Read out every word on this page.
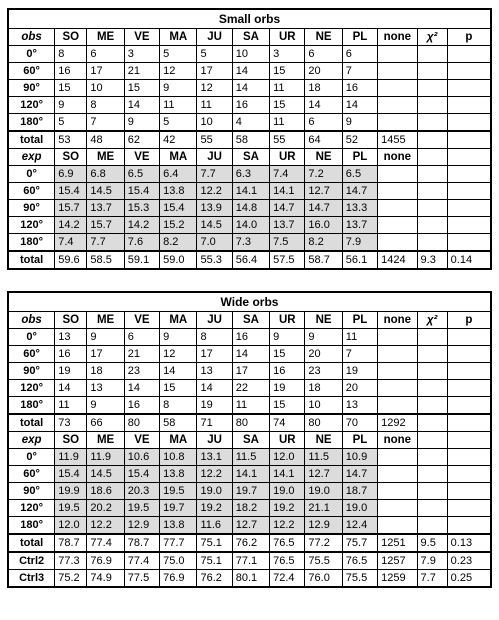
Small orbs												
obs	SO	ME	VE	MA	JU	SA	UR	NE	PL	none	χ²	p
0°	8	6	3	5	5	10	3	6	6			
60°	16	17	21	12	17	14	15	20	7			
90°	15	10	15	9	12	14	11	18	16			
120°	9	8	14	11	11	16	15	14	14			
180°	5	7	9	5	10	4	11	6	9			
total	53	48	62	42	55	58	55	64	52	1455		
exp	SO	ME	VE	MA	JU	SA	UR	NE	PL	none		
0°	6.9	6.8	6.5	6.4	7.7	6.3	7.4	7.2	6.5			
60°	15.4	14.5	15.4	13.8	12.2	14.1	14.1	12.7	14.7			
90°	15.7	13.7	15.3	15.4	13.9	14.8	14.7	14.7	13.3			
120°	14.2	15.7	14.2	15.2	14.5	14.0	13.7	16.0	13.7			
180°	7.4	7.7	7.6	8.2	7.0	7.3	7.5	8.2	7.9			
total	59.6	58.5	59.1	59.0	55.3	56.4	57.5	58.7	56.1	1424	9.3	0.14
Wide orbs												
obs	SO	ME	VE	MA	JU	SA	UR	NE	PL	none	χ²	p
0°	13	9	6	9	8	16	9	9	11			
60°	16	17	21	12	17	14	15	20	7			
90°	19	18	23	14	13	17	16	23	19			
120°	14	13	14	15	14	22	19	18	20			
180°	11	9	16	8	19	11	15	10	13			
total	73	66	80	58	71	80	74	80	70	1292		
exp	SO	ME	VE	MA	JU	SA	UR	NE	PL	none		
0°	11.9	11.9	10.6	10.8	13.1	11.5	12.0	11.5	10.9			
60°	15.4	14.5	15.4	13.8	12.2	14.1	14.1	12.7	14.7			
90°	19.9	18.6	20.3	19.5	19.0	19.7	19.0	19.0	18.7			
120°	19.5	20.2	19.5	19.7	19.2	18.2	19.2	21.1	19.0			
180°	12.0	12.2	12.9	13.8	11.6	12.7	12.2	12.9	12.4			
total	78.7	77.4	78.7	77.7	75.1	76.2	76.5	77.2	75.7	1251	9.5	0.13
Ctrl2	77.3	76.9	77.4	75.0	75.1	77.1	76.5	75.5	76.5	1257	7.9	0.23
Ctrl3	75.2	74.9	77.5	76.9	76.2	80.1	72.4	76.0	75.5	1259	7.7	0.25
